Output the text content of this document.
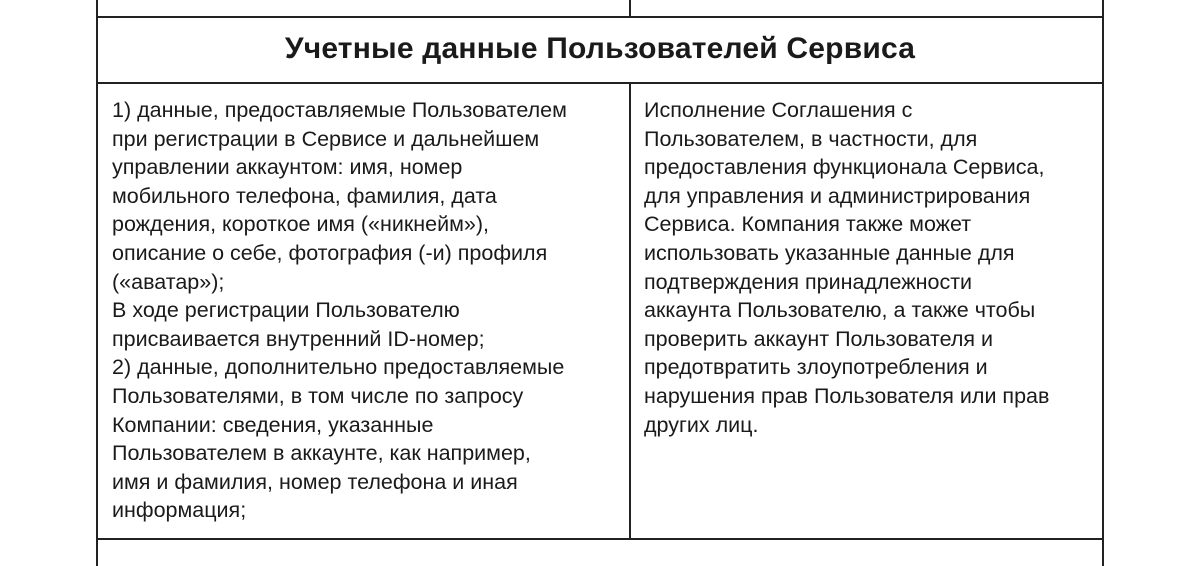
Учетные данные Пользователей Сервиса
1) данные, предоставляемые Пользователем
при регистрации в Сервисе и дальнейшем
управлении аккаунтом: имя, номер
мобильного телефона, фамилия, дата
рождения, короткое имя («никнейм»),
описание о себе, фотография (-и) профиля
(«аватар»);
В ходе регистрации Пользователю
присваивается внутренний ID-номер;
2) данные, дополнительно предоставляемые
Пользователями, в том числе по запросу
Компании: сведения, указанные
Пользователем в аккаунте, как например,
имя и фамилия, номер телефона и иная
информация;
Исполнение Соглашения с
Пользователем, в частности, для
предоставления функционала Сервиса,
для управления и администрирования
Сервиса. Компания также может
использовать указанные данные для
подтверждения принадлежности
аккаунта Пользователю, а также чтобы
проверить аккаунт Пользователя и
предотвратить злоупотребления и
нарушения прав Пользователя или прав
других лиц.
